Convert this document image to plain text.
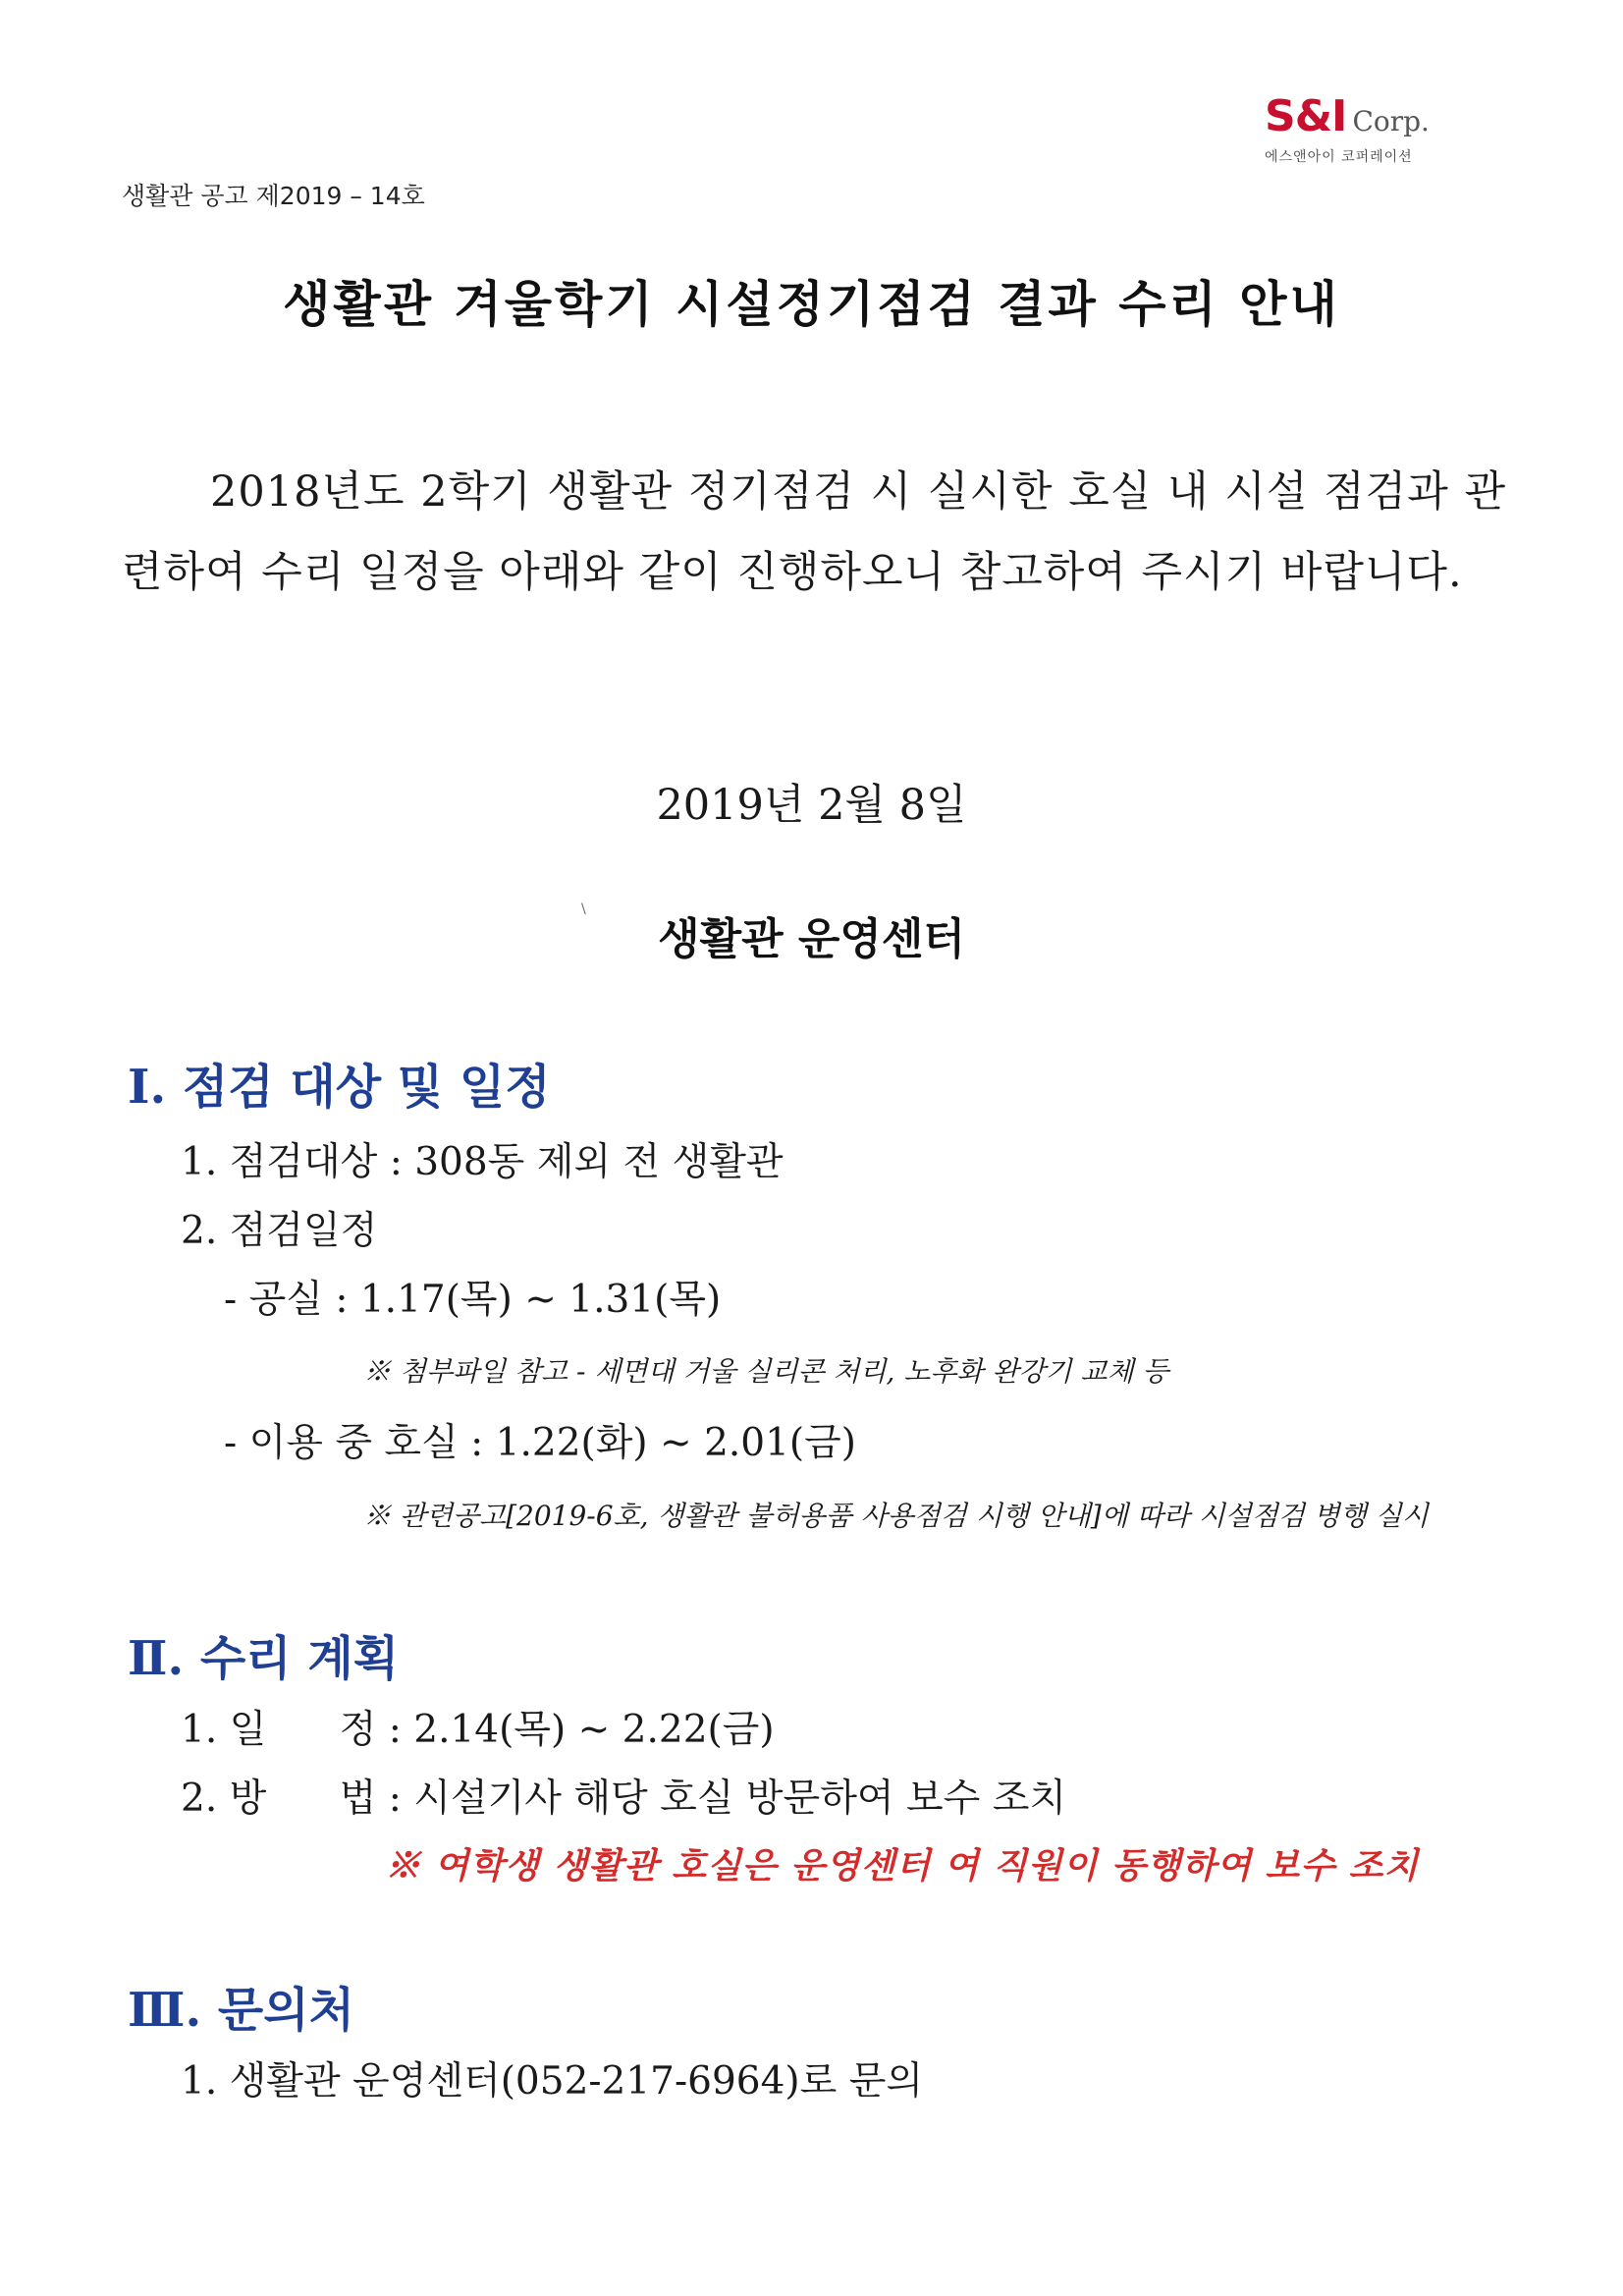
S&I Corp.
에스앤아이 코퍼레이션
생활관 공고 제2019 – 14호
생활관 겨울학기 시설정기점검 결과 수리 안내
2018년도 2학기 생활관 정기점검 시 실시한 호실 내 시설 점검과 관련하여 수리 일정을 아래와 같이 진행하오니 참고하여 주시기 바랍니다.
2019년 2월 8일
\
생활관 운영센터
Ⅰ. 점검 대상 및 일정
1. 점검대상 : 308동 제외 전 생활관
2. 점검일정
- 공실 : 1.17(목) ~ 1.31(목)
※ 첨부파일 참고 - 세면대 거울 실리콘 처리, 노후화 완강기 교체 등
- 이용 중 호실 : 1.22(화) ~ 2.01(금)
※ 관련공고[2019-6호, 생활관 불허용품 사용점검 시행 안내]에 따라 시설점검 병행 실시
Ⅱ. 수리 계획
1. 일      정 : 2.14(목) ~ 2.22(금)
2. 방      법 : 시설기사 해당 호실 방문하여 보수 조치
※ 여학생 생활관 호실은 운영센터 여 직원이 동행하여 보수 조치
Ⅲ. 문의처
1. 생활관 운영센터(052-217-6964)로 문의
